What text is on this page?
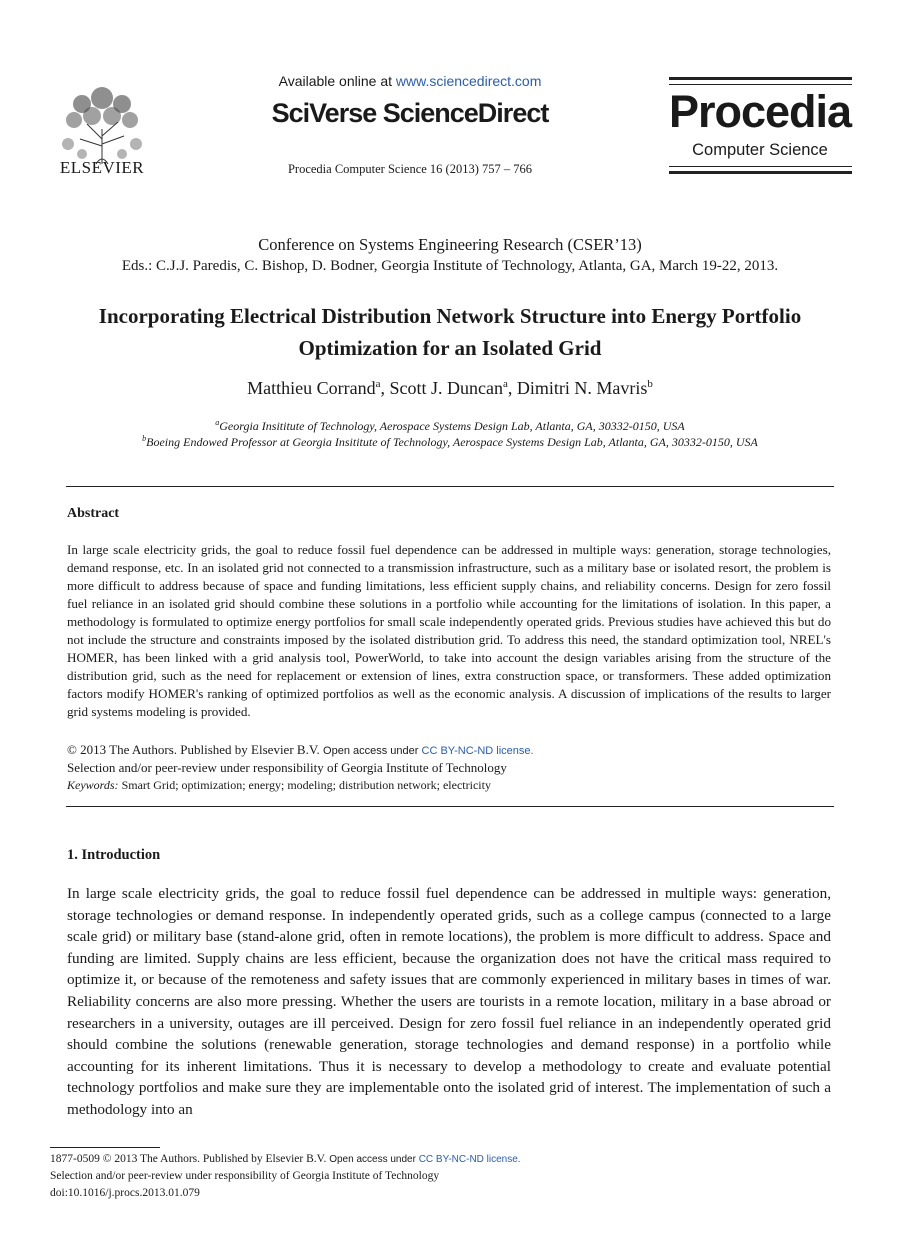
ELSEVIER
Available online at www.sciencedirect.com
SciVerse ScienceDirect
Procedia Computer Science 16 (2013) 757 – 766
Procedia
Computer Science
Conference on Systems Engineering Research (CSER’13)
Eds.: C.J.J. Paredis, C. Bishop, D. Bodner, Georgia Institute of Technology, Atlanta, GA, March 19-22, 2013.
Incorporating Electrical Distribution Network Structure into Energy Portfolio Optimization for an Isolated Grid
Matthieu Corrand$^a$, Scott J. Duncan$^a$, Dimitri N. Mavris$^b$
$^a$Georgia Insititute of Technology, Aerospace Systems Design Lab, Atlanta, GA, 30332-0150, USA
$^b$Boeing Endowed Professor at Georgia Insititute of Technology, Aerospace Systems Design Lab, Atlanta, GA, 30332-0150, USA
Abstract
In large scale electricity grids, the goal to reduce fossil fuel dependence can be addressed in multiple ways: generation, storage technologies, demand response, etc. In an isolated grid not connected to a transmission infrastructure, such as a military base or isolated resort, the problem is more difficult to address because of space and funding limitations, less efficient supply chains, and reliability concerns. Design for zero fossil fuel reliance in an isolated grid should combine these solutions in a portfolio while accounting for the limitations of isolation. In this paper, a methodology is formulated to optimize energy portfolios for small scale independently operated grids. Previous studies have achieved this but do not include the structure and constraints imposed by the isolated distribution grid. To address this need, the standard optimization tool, NREL's HOMER, has been linked with a grid analysis tool, PowerWorld, to take into account the design variables arising from the structure of the distribution grid, such as the need for replacement or extension of lines, extra construction space, or transformers. These added optimization factors modify HOMER's ranking of optimized portfolios as well as the economic analysis. A discussion of implications of the results to larger grid systems modeling is provided.
© 2013 The Authors. Published by Elsevier B.V. Open access under CC BY-NC-ND license.
Selection and/or peer-review under responsibility of Georgia Institute of Technology
Keywords: Smart Grid; optimization; energy; modeling; distribution network; electricity
1. Introduction
In large scale electricity grids, the goal to reduce fossil fuel dependence can be addressed in multiple ways: generation, storage technologies or demand response. In independently operated grids, such as a college campus (connected to a large scale grid) or military base (stand-alone grid, often in remote locations), the problem is more difficult to address. Space and funding are limited. Supply chains are less efficient, because the organization does not have the critical mass required to optimize it, or because of the remoteness and safety issues that are commonly experienced in military bases in times of war. Reliability concerns are also more pressing. Whether the users are tourists in a remote location, military in a base abroad or researchers in a university, outages are ill perceived. Design for zero fossil fuel reliance in an independently operated grid should combine the solutions (renewable generation, storage technologies and demand response) in a portfolio while accounting for its inherent limitations. Thus it is necessary to develop a methodology to create and evaluate potential technology portfolios and make sure they are implementable onto the isolated grid of interest. The implementation of such a methodology into an
1877-0509 © 2013 The Authors. Published by Elsevier B.V. Open access under CC BY-NC-ND license.
Selection and/or peer-review under responsibility of Georgia Institute of Technology
doi:10.1016/j.procs.2013.01.079
